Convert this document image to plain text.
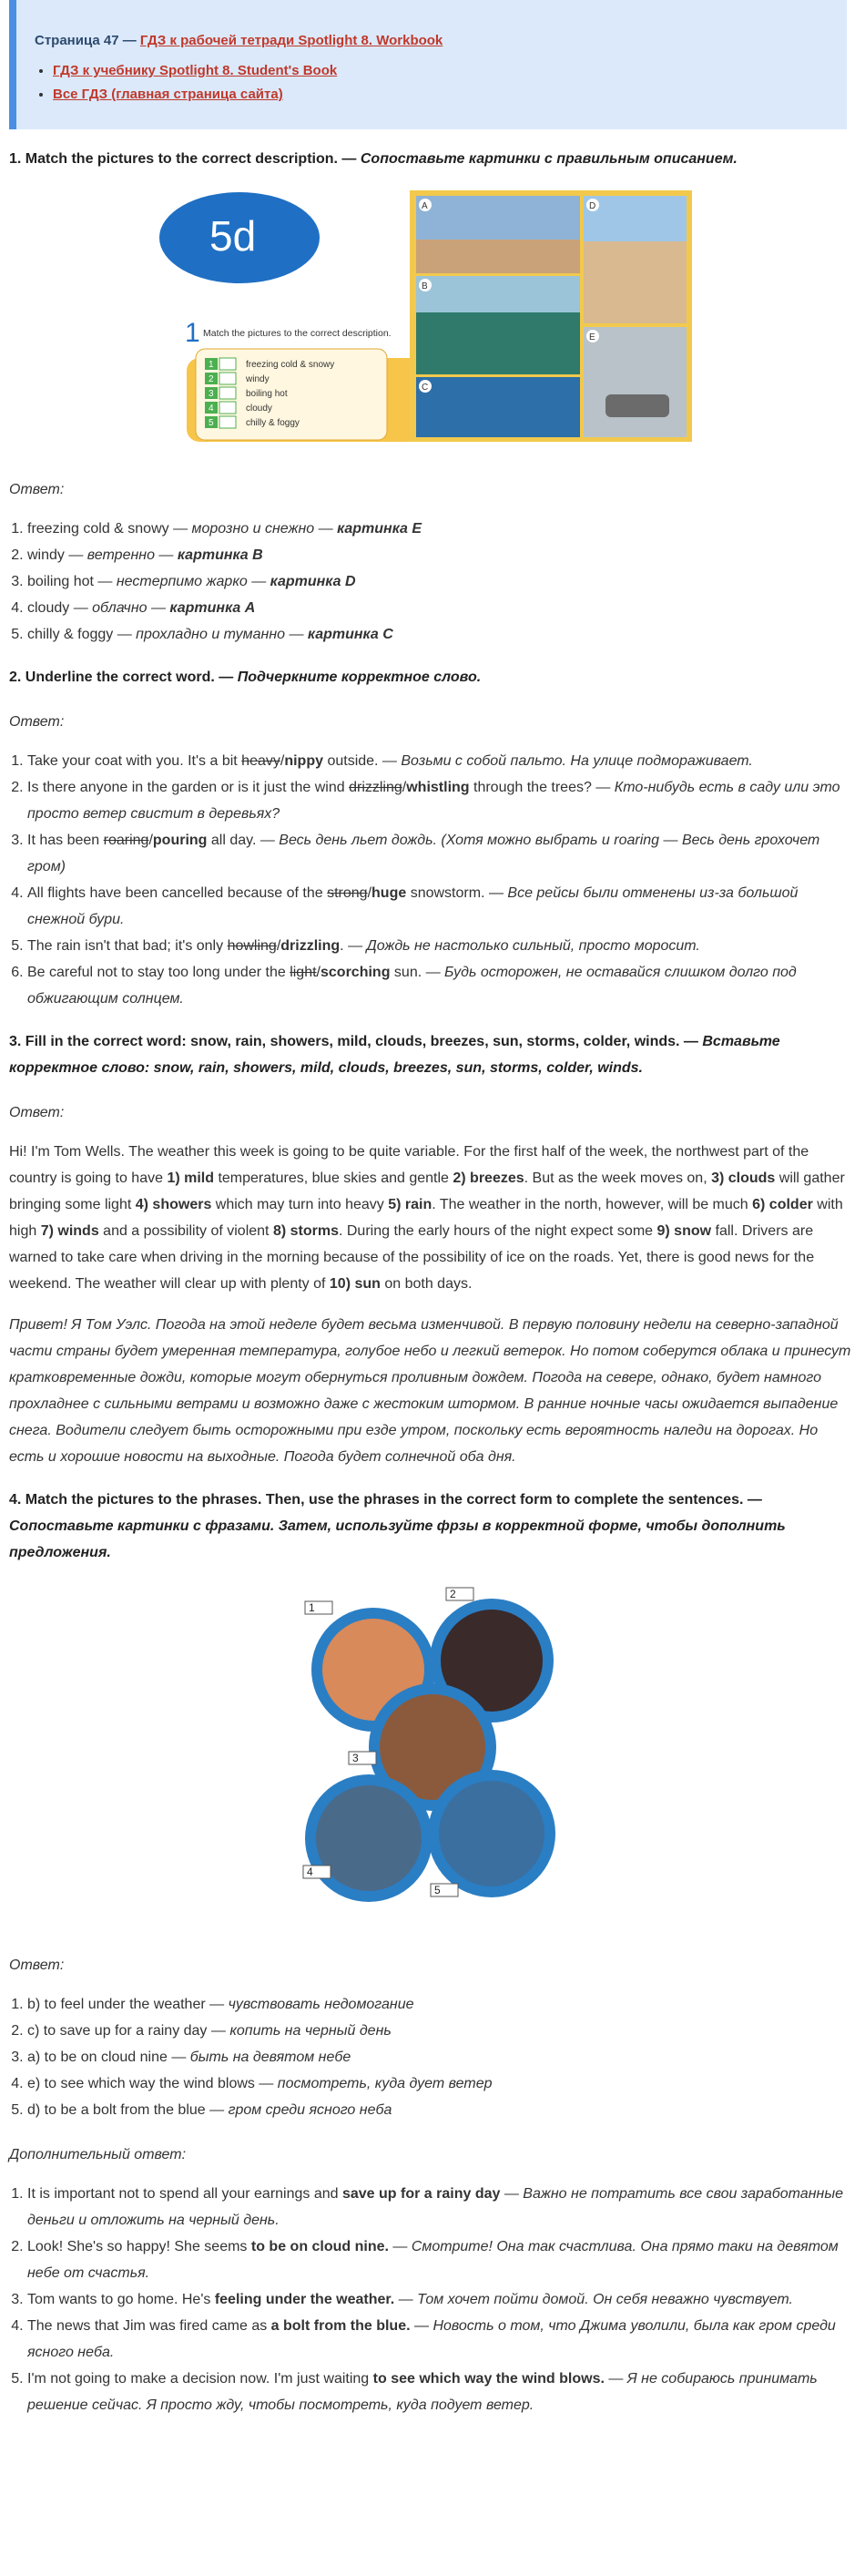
Страница 47 — ГДЗ к рабочей тетради Spotlight 8. Workbook
• ГДЗ к учебнику Spotlight 8. Student's Book
• Все ГДЗ (главная страница сайта)
1. Match the pictures to the correct description. — Сопоставьте картинки с правильным описанием.
5d
1 Match the pictures to the correct description.
1	freezing cold & snowy
2	windy
3	boiling hot
4	cloudy
5	chilly & foggy
A
B
C
D
E
Ответ:
1. freezing cold & snowy — морозно и снежно — картинка E
2. windy — ветренно — картинка B
3. boiling hot — нестерпимо жарко — картинка D
4. cloudy — облачно — картинка A
5. chilly & foggy — прохладно и туманно — картинка C
2. Underline the correct word. — Подчеркните корректное слово.
Ответ:
1. Take your coat with you. It's a bit heavy/nippy outside. — Возьми с собой пальто. На улице подмораживает.
2. Is there anyone in the garden or is it just the wind drizzling/whistling through the trees? — Кто-нибудь есть в саду или это просто ветер свистит в деревьях?
3. It has been roaring/pouring all day. — Весь день льет дождь. (Хотя можно выбрать и roaring — Весь день грохочет гром)
4. All flights have been cancelled because of the strong/huge snowstorm. — Все рейсы были отменены из-за большой снежной бури.
5. The rain isn't that bad; it's only howling/drizzling. — Дождь не настолько сильный, просто моросит.
6. Be careful not to stay too long under the light/scorching sun. — Будь осторожен, не оставайся слишком долго под обжигающим солнцем.
3. Fill in the correct word: snow, rain, showers, mild, clouds, breezes, sun, storms, colder, winds. — Вставьте корректное слово: snow, rain, showers, mild, clouds, breezes, sun, storms, colder, winds.
Ответ:

Hi! I'm Tom Wells. The weather this week is going to be quite variable. For the first half of the week, the northwest part of the country is going to have 1) mild temperatures, blue skies and gentle 2) breezes. But as the week moves on, 3) clouds will gather bringing some light 4) showers which may turn into heavy 5) rain. The weather in the north, however, will be much 6) colder with high 7) winds and a possibility of violent 8) storms. During the early hours of the night expect some 9) snow fall. Drivers are warned to take care when driving in the morning because of the possibility of ice on the roads. Yet, there is good news for the weekend. The weather will clear up with plenty of 10) sun on both days.

Привет! Я Том Уэлс. Погода на этой неделе будет весьма изменчивой. В первую половину недели на северно-западной части страны будет умеренная температура, голубое небо и легкий ветерок. Но потом соберутся облака и принесут кратковременные дожди, которые могут обернуться проливным дождем. Погода на севере, однако, будет намного прохладнее с сильными ветрами и возможно даже с жестоким штормом. В ранние ночные часы ожидается выпадение снега. Водители следует быть осторожными при езде утром, поскольку есть вероятность наледи на дорогах. Но есть и хорошие новости на выходные. Погода будет солнечной оба дня.

4. Match the pictures to the phrases. Then, use the phrases in the correct form to complete the sentences. — Сопоставьте картинки с фразами. Затем, используйте фрзы в корректной форме, чтобы дополнить предложения.
1
2
3
4
5
Ответ:
1. b) to feel under the weather — чувствовать недомогание
2. c) to save up for a rainy day — копить на черный день
3. a) to be on cloud nine — быть на девятом небе
4. e) to see which way the wind blows — посмотреть, куда дует ветер
5. d) to be a bolt from the blue — гром среди ясного неба
Дополнительный ответ:
1. It is important not to spend all your earnings and save up for a rainy day — Важно не потратить все свои заработанные деньги и отложить на черный день.
2. Look! She's so happy! She seems to be on cloud nine. — Смотрите! Она так счастлива. Она прямо таки на девятом небе от счастья.
3. Tom wants to go home. He's feeling under the weather. — Том хочет пойти домой. Он себя неважно чувствует.
4. The news that Jim was fired came as a bolt from the blue. — Новость о том, что Джима уволили, была как гром среди ясного неба.
5. I'm not going to make a decision now. I'm just waiting to see which way the wind blows. — Я не собираюсь принимать решение сейчас. Я просто жду, чтобы посмотреть, куда подует ветер.
